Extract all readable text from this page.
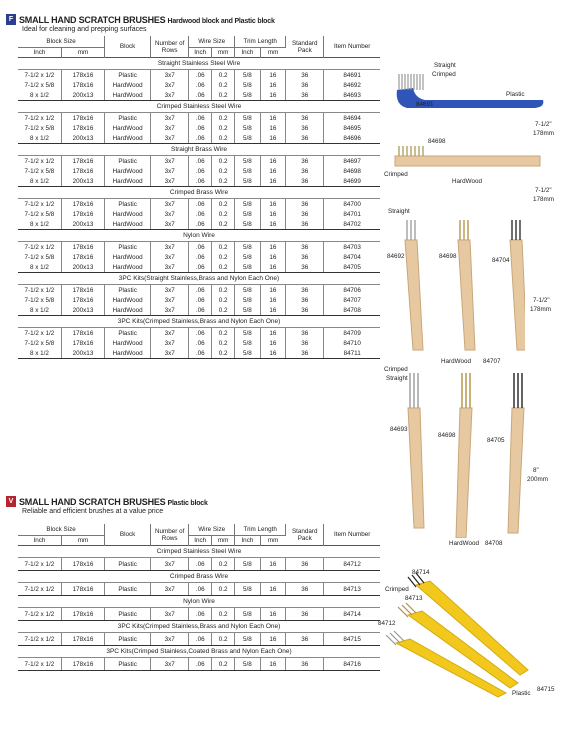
F SMALL HAND SCRATCH BRUSHES Hardwood block and Plastic block
Ideal for cleaning and prepping surfaces
Block Size		Block	Number of Rows	Wire Size		Trim Length		Standard Pack	Item Number
Inch	mm			Inch	mm	Inch	mm		
Straight Stainless Steel Wire									
7-1/2 x 1/2	178x16	Plastic	3x7	.06	0.2	5/8	16	36	84691
7-1/2 x 5/8	178x16	HardWood	3x7	.06	0.2	5/8	16	36	84692
8 x 1/2	200x13	HardWood	3x7	.06	0.2	5/8	16	36	84693
Crimped Stainless Steel Wire									
7-1/2 x 1/2	178x16	Plastic	3x7	.06	0.2	5/8	16	36	84694
7-1/2 x 5/8	178x16	HardWood	3x7	.06	0.2	5/8	16	36	84695
8 x 1/2	200x13	HardWood	3x7	.06	0.2	5/8	16	36	84696
Straight Brass Wire									
7-1/2 x 1/2	178x16	Plastic	3x7	.06	0.2	5/8	16	36	84697
7-1/2 x 5/8	178x16	HardWood	3x7	.06	0.2	5/8	16	36	84698
8 x 1/2	200x13	HardWood	3x7	.06	0.2	5/8	16	36	84699
Crimped Brass Wire									
7-1/2 x 1/2	178x16	Plastic	3x7	.06	0.2	5/8	16	36	84700
7-1/2 x 5/8	178x16	HardWood	3x7	.06	0.2	5/8	16	36	84701
8 x 1/2	200x13	HardWood	3x7	.06	0.2	5/8	16	36	84702
Nylon Wire									
7-1/2 x 1/2	178x16	Plastic	3x7	.06	0.2	5/8	16	36	84703
7-1/2 x 5/8	178x16	HardWood	3x7	.06	0.2	5/8	16	36	84704
8 x 1/2	200x13	HardWood	3x7	.06	0.2	5/8	16	36	84705
3PC Kits(Straight Stainless,Brass and Nylon Each One)									
7-1/2 x 1/2	178x16	Plastic	3x7	.06	0.2	5/8	16	36	84706
7-1/2 x 5/8	178x16	HardWood	3x7	.06	0.2	5/8	16	36	84707
8 x 1/2	200x13	HardWood	3x7	.06	0.2	5/8	16	36	84708
3PC Kits(Crimped Stainless,Brass and Nylon Each One)									
7-1/2 x 1/2	178x16	Plastic	3x7	.06	0.2	5/8	16	36	84709
7-1/2 x 5/8	178x16	HardWood	3x7	.06	0.2	5/8	16	36	84710
8 x 1/2	200x13	HardWood	3x7	.06	0.2	5/8	16	36	84711
V SMALL HAND SCRATCH BRUSHES Plastic block
Reliable and efficient brushes at a value price
Block Size		Block	Number of Rows	Wire Size		Trim Length		Standard Pack	Item Number
Inch	mm			Inch	mm	Inch	mm		
Crimped Stainless Steel Wire									
7-1/2 x 1/2	178x16	Plastic	3x7	.06	0.2	5/8	16	36	84712
Crimped Brass Wire									
7-1/2 x 1/2	178x16	Plastic	3x7	.06	0.2	5/8	16	36	84713
Nylon Wire									
7-1/2 x 1/2	178x16	Plastic	3x7	.06	0.2	5/8	16	36	84714
3PC Kits(Crimped Stainless,Brass and Nylon Each One)									
7-1/2 x 1/2	178x16	Plastic	3x7	.06	0.2	5/8	16	36	84715
3PC Kits(Crimped Stainless,Coated Brass and Nylon Each One)									
7-1/2 x 1/2	178x16	Plastic	3x7	.06	0.2	5/8	16	36	84716
Straight
Crimped
Plastic
84691
7-1/2"
178mm
84698
Crimped
HardWood
7-1/2"
178mm
Straight
84692	84698
84704
7-1/2"
178mm
HardWood 84707
Crimped
Straight
84693
84698
84705
8"
200mm
HardWood 84708
84714
Crimped
84713
84712
Plastic
84715
